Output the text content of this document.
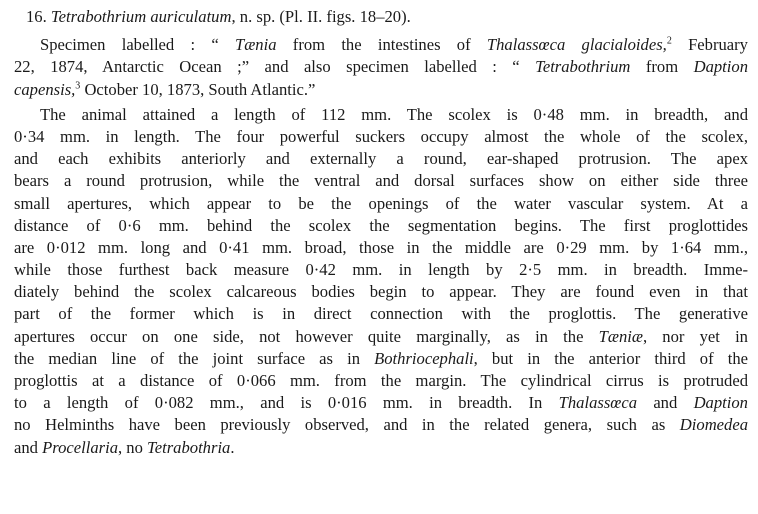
16. Tetrabothrium auriculatum, n. sp. (Pl. II. figs. 18–20).
Specimen labelled : “ Tænia from the intestines of Thalassœca glacialoides,$^2$ February
22, 1874, Antarctic Ocean ;” and also specimen labelled : “ Tetrabothrium from Daption
capensis,$^3$ October 10, 1873, South Atlantic.”
The animal attained a length of 112 mm. The scolex is 0·48 mm. in breadth, and
0·34 mm. in length. The four powerful suckers occupy almost the whole of the scolex,
and each exhibits anteriorly and externally a round, ear-shaped protrusion. The apex
bears a round protrusion, while the ventral and dorsal surfaces show on either side three
small apertures, which appear to be the openings of the water vascular system. At a
distance of 0·6 mm. behind the scolex the segmentation begins. The first proglottides
are 0·012 mm. long and 0·41 mm. broad, those in the middle are 0·29 mm. by 1·64 mm.,
while those furthest back measure 0·42 mm. in length by 2·5 mm. in breadth. Imme-
diately behind the scolex calcareous bodies begin to appear. They are found even in that
part of the former which is in direct connection with the proglottis. The generative
apertures occur on one side, not however quite marginally, as in the Tæniæ, nor yet in
the median line of the joint surface as in Bothriocephali, but in the anterior third of the
proglottis at a distance of 0·066 mm. from the margin. The cylindrical cirrus is protruded
to a length of 0·082 mm., and is 0·016 mm. in breadth. In Thalassœca and Daption
no Helminths have been previously observed, and in the related genera, such as Diomedea
and Procellaria, no Tetrabothria.
